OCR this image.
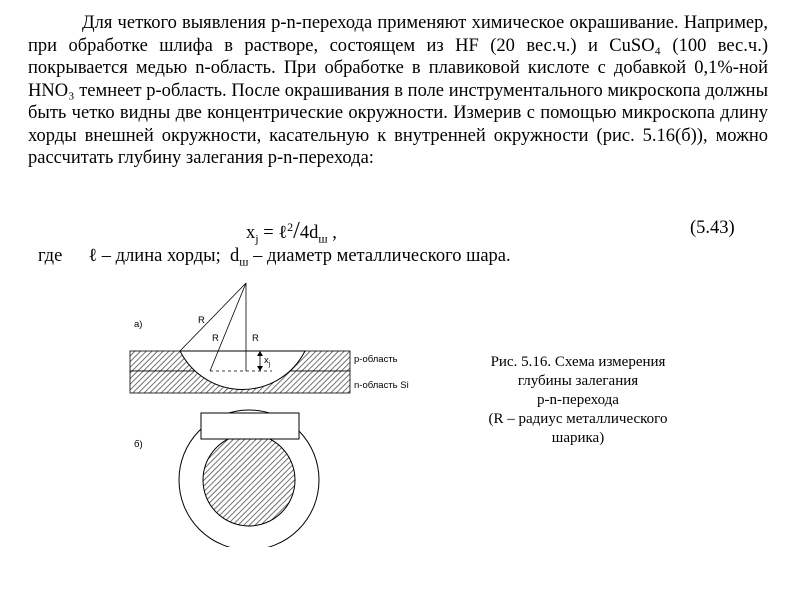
Для четкого выявления p-n-перехода применяют химическое окрашивание. Например, при обработке шлифа в растворе, состоящем из HF (20 вес.ч.) и CuSO₄ (100 вес.ч.) покрывается медью n-область. При обработке в плавиковой кислоте с добавкой 0,1%-ной HNO₃ темнеет p-область. После окрашивания в поле инструментального микроскопа должны быть четко видны две концентрические окружности. Измерив с помощью микроскопа длину хорды внешней окружности, касательную к внутренней окружности (рис. 5.16(б)), можно рассчитать глубину залегания p-n-перехода:

$x_j$ = $\ell^2/4d_ш$ ,	(5.43)
где ℓ – длина хорды; $d_ш$ – диаметр металлического шара.
а)	R
R	R
$x_j$	p-область
n-область Si
б)
Рис. 5.16. Схема измерения
глубины залегания
p-n-перехода
(R – радиус металлического
шарика)
